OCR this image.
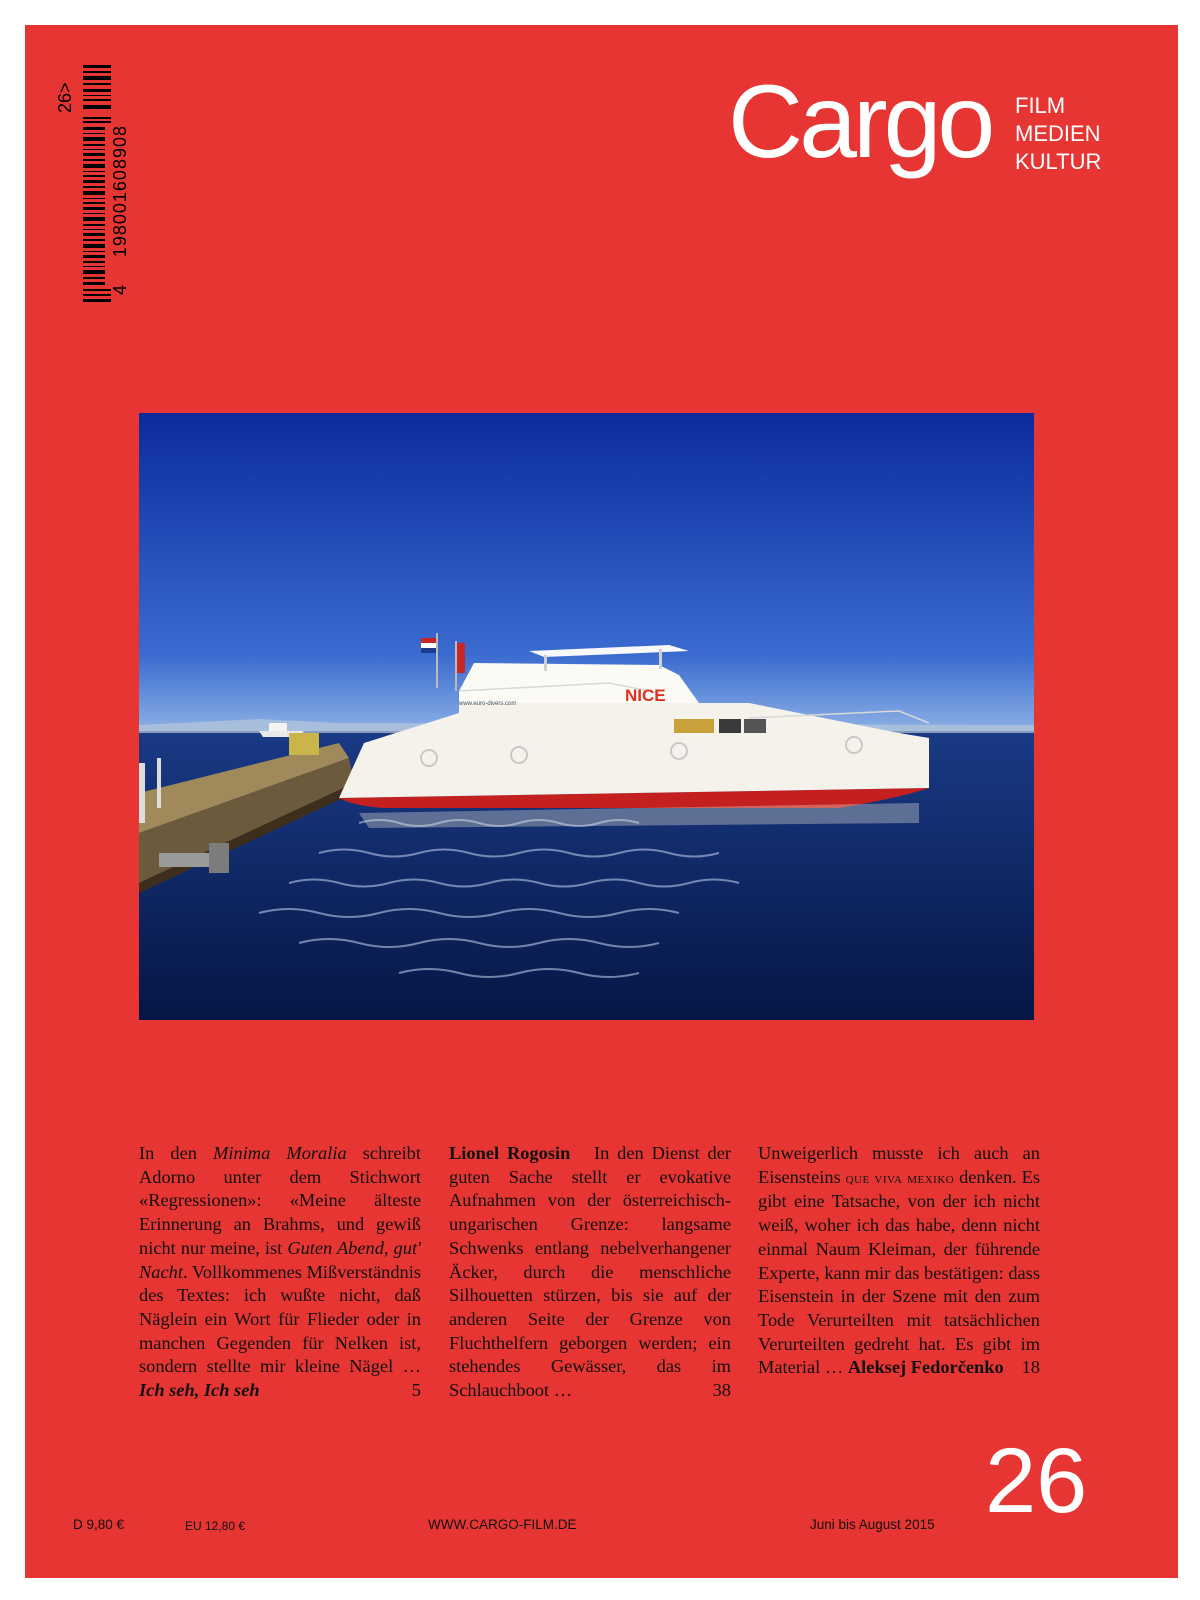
26>
198001608908
4
Cargo FILM
MEDIEN
KULTUR
www.euro-divers.com	NICE
In den Minima Moralia schreibt Adorno unter dem Stichwort «Regressionen»: «Meine älteste Erinnerung an Brahms, und gewiß nicht nur meine, ist Guten Abend, gut' Nacht. Vollkommenes Mißverständnis des Textes: ich wußte nicht, daß Näglein ein Wort für Flieder oder in manchen Gegenden für Nelken ist, sondern stellte mir kleine Nägel … Ich seh, Ich seh	5
Lionel Rogosin In den Dienst der guten Sache stellt er evokative Aufnahmen von der österreichisch-ungarischen Grenze: langsame Schwenks entlang nebelverhangener Äcker, durch die menschliche Silhouetten stürzen, bis sie auf der anderen Seite der Grenze von Fluchthelfern geborgen werden; ein stehendes Gewässer, das im Schlauchboot …	38
Unweigerlich musste ich auch an Eisensteins que viva mexiko denken. Es gibt eine Tatsache, von der ich nicht weiß, woher ich das habe, denn nicht einmal Naum Kleiman, der führende Experte, kann mir das bestätigen: dass Eisenstein in der Szene mit den zum Tode Verurteilten mit tatsächlichen Verurteilten gedreht hat. Es gibt im Material … Aleksej Fedorčenko 18
D 9,80 €	EU 12,80 €	WWW.CARGO-FILM.DE	Juni bis August 2015 26
